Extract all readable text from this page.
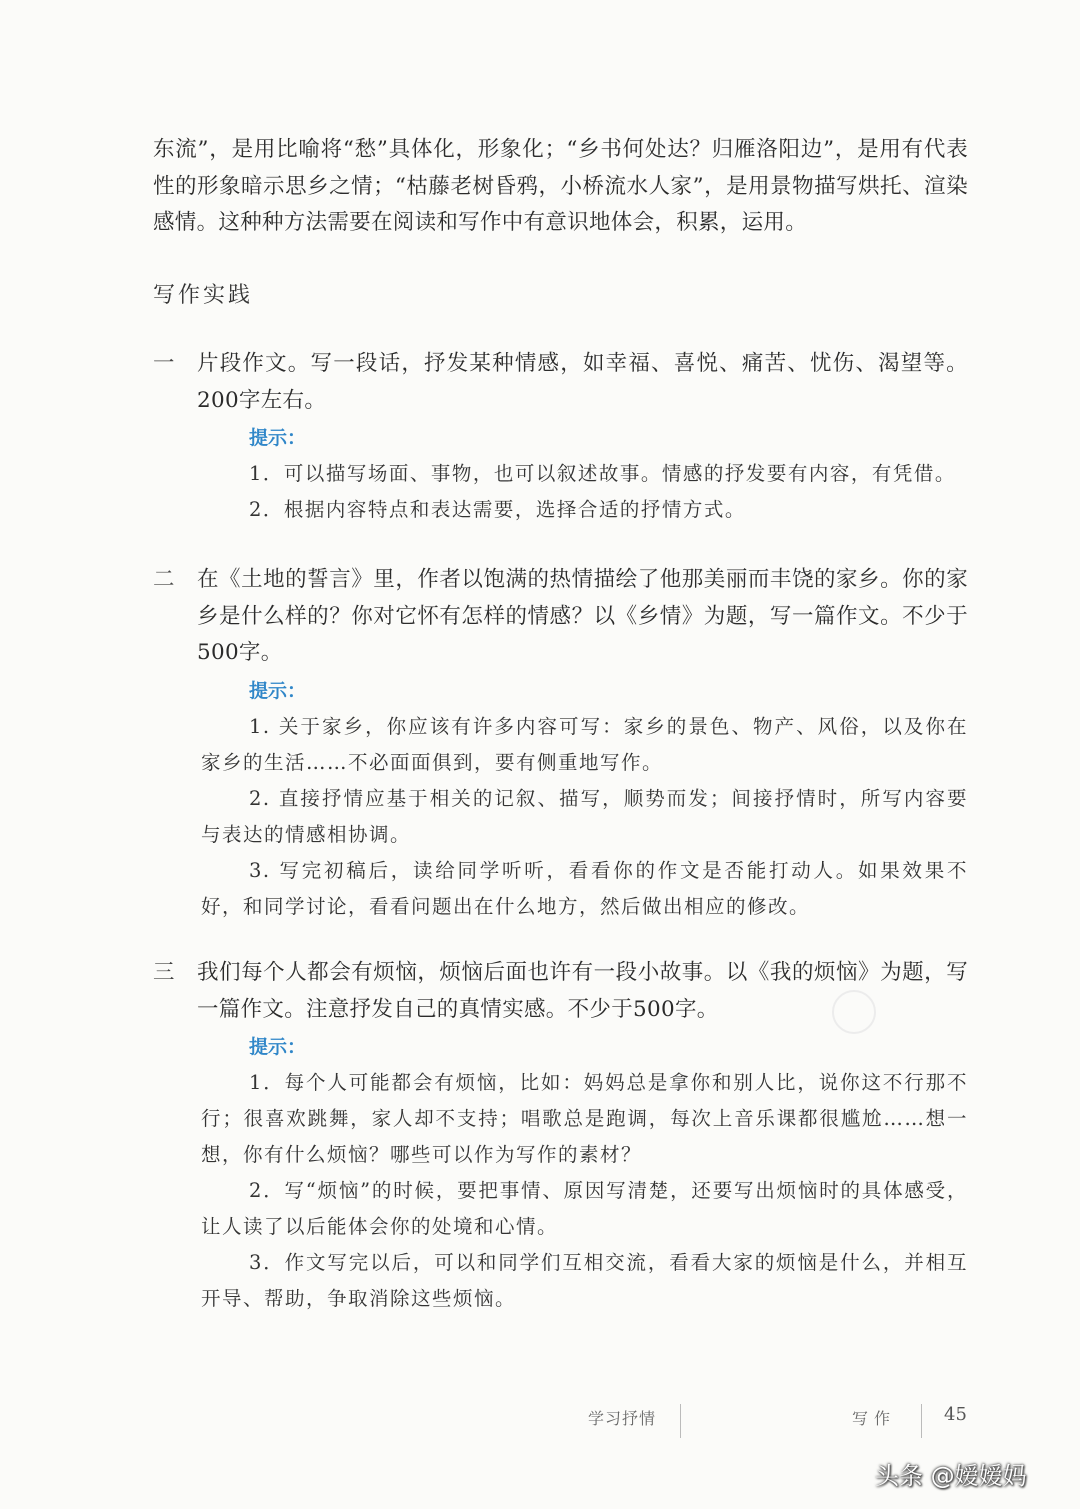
东流”，是用比喻将“愁”具体化，形象化；“乡书何处达？归雁洛阳边”，是用有代表性的形象暗示思乡之情；“枯藤老树昏鸦，小桥流水人家”，是用景物描写烘托、渲染感情。这种种方法需要在阅读和写作中有意识地体会，积累，运用。
写作实践
一	片段作文。写一段话，抒发某种情感，如幸福、喜悦、痛苦、忧伤、渴望等。200字左右。
提示：
1．可以描写场面、事物，也可以叙述故事。情感的抒发要有内容，有凭借。
2．根据内容特点和表达需要，选择合适的抒情方式。
二	在《土地的誓言》里，作者以饱满的热情描绘了他那美丽而丰饶的家乡。你的家乡是什么样的？你对它怀有怎样的情感？以《乡情》为题，写一篇作文。不少于500字。
提示：
1. 关于家乡，你应该有许多内容可写：家乡的景色、物产、风俗，以及你在家乡的生活……不必面面俱到，要有侧重地写作。
2. 直接抒情应基于相关的记叙、描写，顺势而发；间接抒情时，所写内容要与表达的情感相协调。
3. 写完初稿后，读给同学听听，看看你的作文是否能打动人。如果效果不好，和同学讨论，看看问题出在什么地方，然后做出相应的修改。
三	我们每个人都会有烦恼，烦恼后面也许有一段小故事。以《我的烦恼》为题，写一篇作文。注意抒发自己的真情实感。不少于500字。
提示：
1．每个人可能都会有烦恼，比如：妈妈总是拿你和别人比，说你这不行那不行；很喜欢跳舞，家人却不支持；唱歌总是跑调，每次上音乐课都很尴尬……想一想，你有什么烦恼？哪些可以作为写作的素材？
2．写“烦恼”的时候，要把事情、原因写清楚，还要写出烦恼时的具体感受，让人读了以后能体会你的处境和心情。
3．作文写完以后，可以和同学们互相交流，看看大家的烦恼是什么，并相互开导、帮助，争取消除这些烦恼。
学习抒情	写作	45
头条 @嫒嫒妈
